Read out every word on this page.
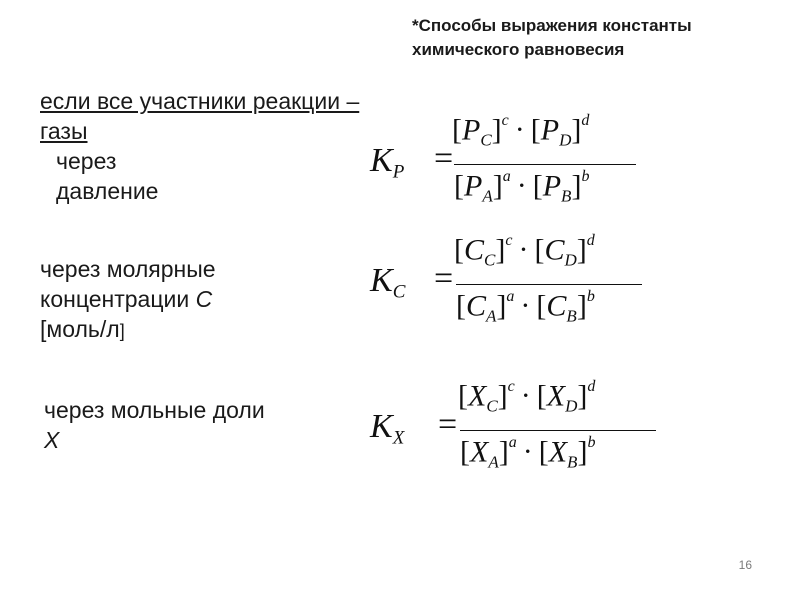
*Способы выражения константы
химического равновесия
если все участники реакции –
газы
через
давление
через молярные
концентрации C
[моль/л]
через мольные доли
X
$K_P$ =
$[P_C]^c \cdot [P_D]^d$
$[P_A]^a \cdot [P_B]^b$
$K_C$ =
$[C_C]^c \cdot [C_D]^d$
$[C_A]^a \cdot [C_B]^b$
$K_X$ =
$[X_C]^c \cdot [X_D]^d$
$[X_A]^a \cdot [X_B]^b$
16
